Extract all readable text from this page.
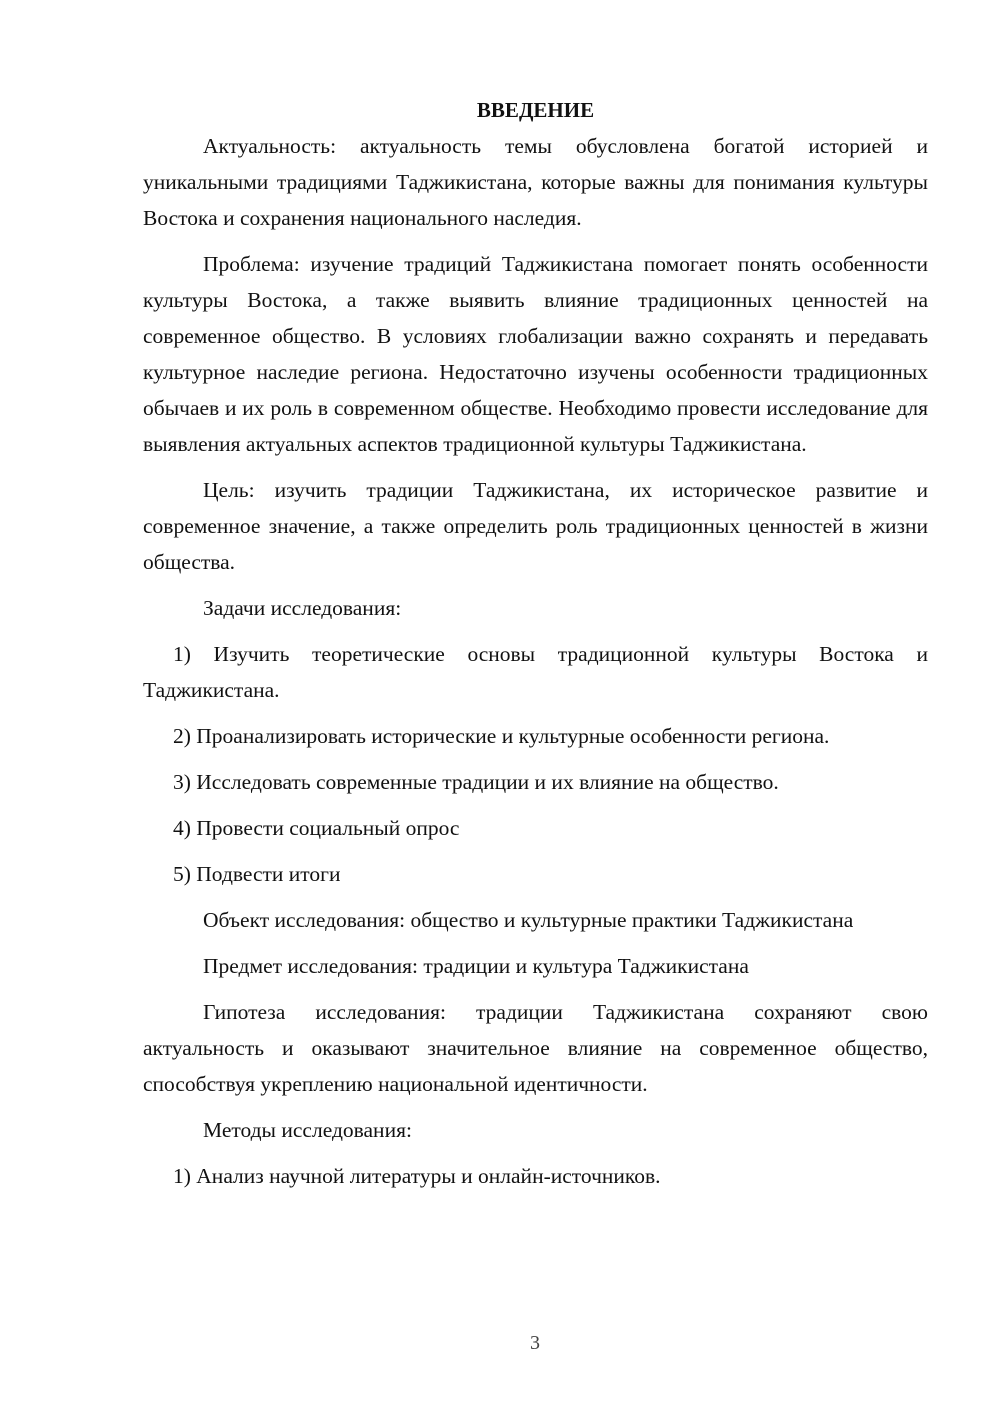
ВВЕДЕНИЕ
Актуальность: актуальность темы обусловлена богатой историей и уникальными традициями Таджикистана, которые важны для понимания культуры Востока и сохранения национального наследия.
Проблема: изучение традиций Таджикистана помогает понять особенности культуры Востока, а также выявить влияние традиционных ценностей на современное общество. В условиях глобализации важно сохранять и передавать культурное наследие региона. Недостаточно изучены особенности традиционных обычаев и их роль в современном обществе. Необходимо провести исследование для выявления актуальных аспектов традиционной культуры Таджикистана.
Цель: изучить традиции Таджикистана, их историческое развитие и современное значение, а также определить роль традиционных ценностей в жизни общества.
Задачи исследования:
1) Изучить теоретические основы традиционной культуры Востока и Таджикистана.
2) Проанализировать исторические и культурные особенности региона.
3) Исследовать современные традиции и их влияние на общество.
4) Провести социальный опрос
5) Подвести итоги
Объект исследования: общество и культурные практики Таджикистана
Предмет исследования: традиции и культура Таджикистана
Гипотеза исследования: традиции Таджикистана сохраняют свою актуальность и оказывают значительное влияние на современное общество, способствуя укреплению национальной идентичности.
Методы исследования:
1) Анализ научной литературы и онлайн-источников.
3
